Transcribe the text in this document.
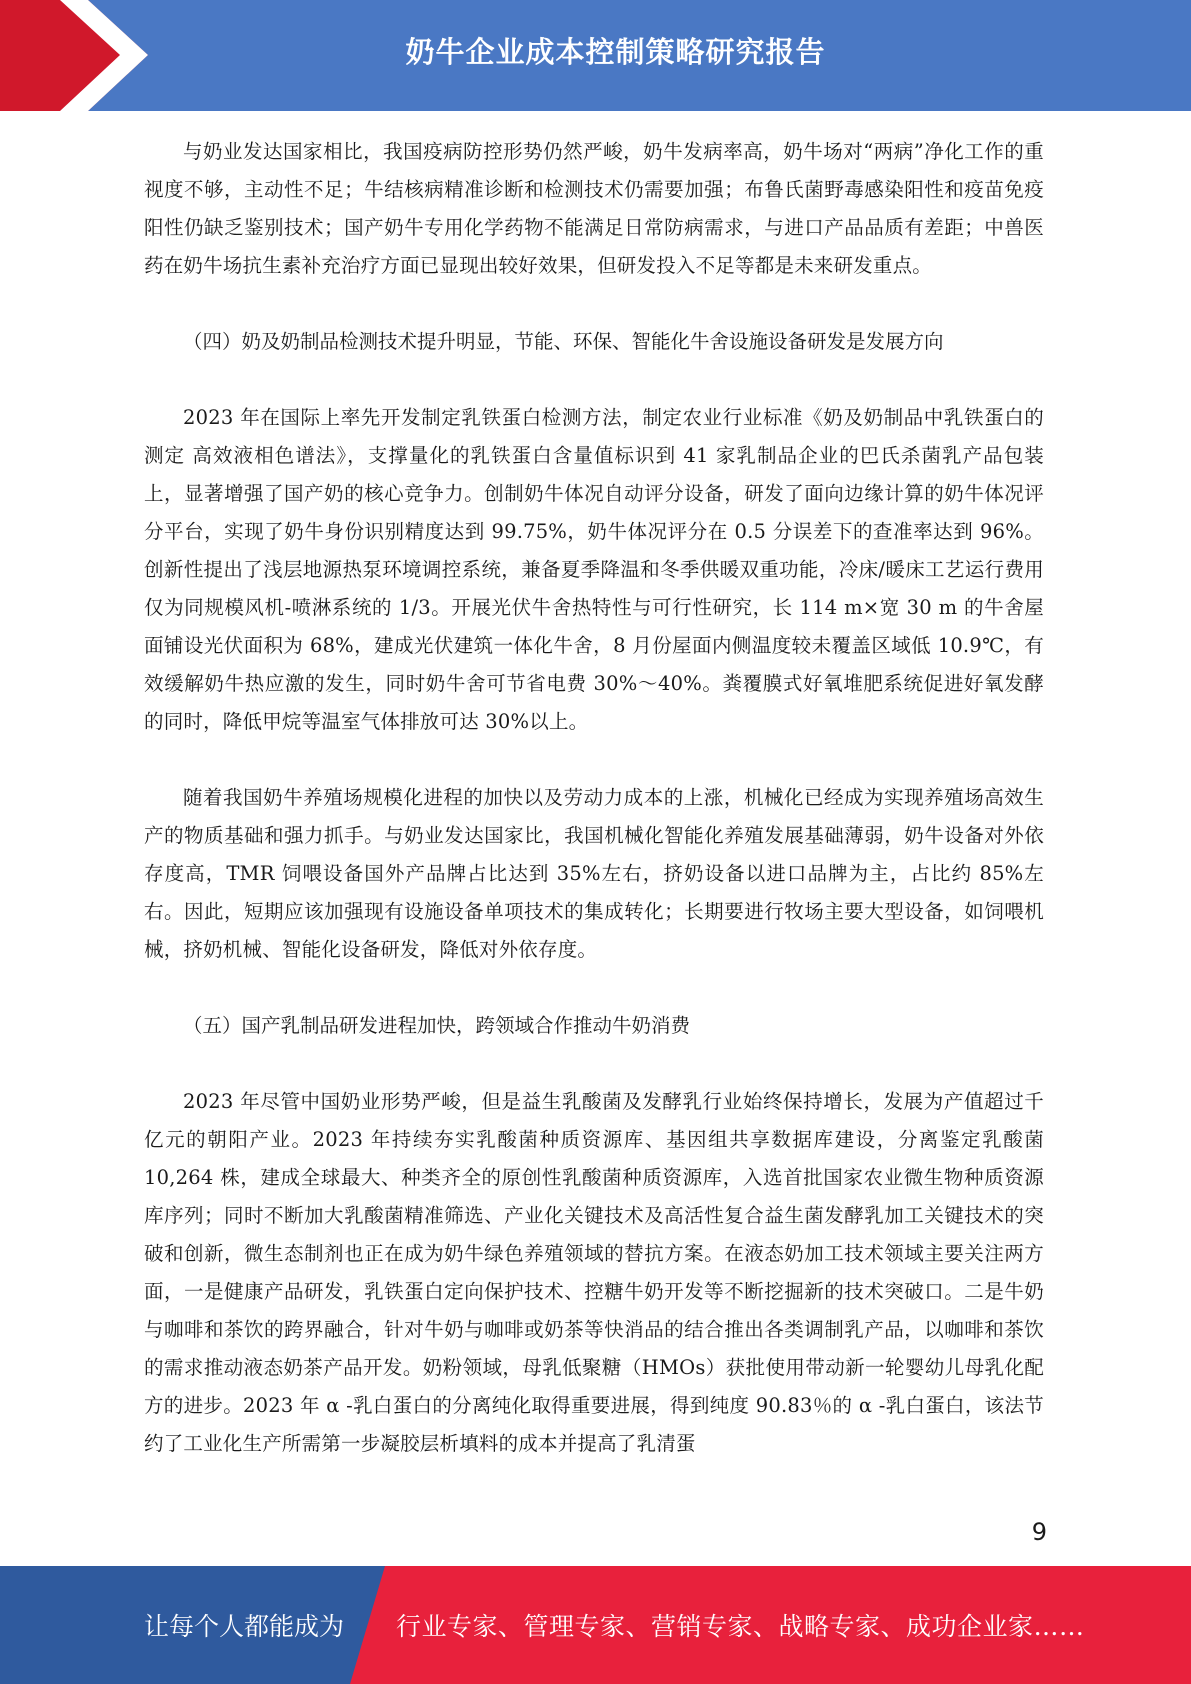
奶牛企业成本控制策略研究报告

与奶业发达国家相比，我国疫病防控形势仍然严峻，奶牛发病率高，奶牛场对“两病”净化工作的重视度不够，主动性不足；牛结核病精准诊断和检测技术仍需要加强；布鲁氏菌野毒感染阳性和疫苗免疫阳性仍缺乏鉴别技术；国产奶牛专用化学药物不能满足日常防病需求，与进口产品品质有差距；中兽医药在奶牛场抗生素补充治疗方面已显现出较好效果，但研发投入不足等都是未来研发重点。

（四）奶及奶制品检测技术提升明显，节能、环保、智能化牛舍设施设备研发是发展方向

2023 年在国际上率先开发制定乳铁蛋白检测方法，制定农业行业标准《奶及奶制品中乳铁蛋白的测定 高效液相色谱法》，支撑量化的乳铁蛋白含量值标识到 41 家乳制品企业的巴氏杀菌乳产品包装上，显著增强了国产奶的核心竞争力。创制奶牛体况自动评分设备，研发了面向边缘计算的奶牛体况评分平台，实现了奶牛身份识别精度达到 99.75%，奶牛体况评分在 0.5 分误差下的查准率达到 96%。创新性提出了浅层地源热泵环境调控系统，兼备夏季降温和冬季供暖双重功能，冷床/暖床工艺运行费用仅为同规模风机-喷淋系统的 1/3。开展光伏牛舍热特性与可行性研究，长 114 m×宽 30 m 的牛舍屋面铺设光伏面积为 68%，建成光伏建筑一体化牛舍，8 月份屋面内侧温度较未覆盖区域低 10.9℃，有效缓解奶牛热应激的发生，同时奶牛舍可节省电费 30%～40%。粪覆膜式好氧堆肥系统促进好氧发酵的同时，降低甲烷等温室气体排放可达 30%以上。

随着我国奶牛养殖场规模化进程的加快以及劳动力成本的上涨，机械化已经成为实现养殖场高效生产的物质基础和强力抓手。与奶业发达国家比，我国机械化智能化养殖发展基础薄弱，奶牛设备对外依存度高，TMR 饲喂设备国外产品牌占比达到 35%左右，挤奶设备以进口品牌为主，占比约 85%左右。因此，短期应该加强现有设施设备单项技术的集成转化；长期要进行牧场主要大型设备，如饲喂机械，挤奶机械、智能化设备研发，降低对外依存度。

（五）国产乳制品研发进程加快，跨领域合作推动牛奶消费

2023 年尽管中国奶业形势严峻，但是益生乳酸菌及发酵乳行业始终保持增长，发展为产值超过千亿元的朝阳产业。2023 年持续夯实乳酸菌种质资源库、基因组共享数据库建设，分离鉴定乳酸菌 10,264 株，建成全球最大、种类齐全的原创性乳酸菌种质资源库，入选首批国家农业微生物种质资源库序列；同时不断加大乳酸菌精准筛选、产业化关键技术及高活性复合益生菌发酵乳加工关键技术的突破和创新，微生态制剂也正在成为奶牛绿色养殖领域的替抗方案。在液态奶加工技术领域主要关注两方面，一是健康产品研发，乳铁蛋白定向保护技术、控糖牛奶开发等不断挖掘新的技术突破口。二是牛奶与咖啡和茶饮的跨界融合，针对牛奶与咖啡或奶茶等快消品的结合推出各类调制乳产品，以咖啡和茶饮的需求推动液态奶茶产品开发。奶粉领域，母乳低聚糖（HMOs）获批使用带动新一轮婴幼儿母乳化配方的进步。2023 年 α -乳白蛋白的分离纯化取得重要进展，得到纯度 90.83％的 α -乳白蛋白，该法节约了工业化生产所需第一步凝胶层析填料的成本并提高了乳清蛋

9
让每个人都能成为 行业专家、管理专家、营销专家、战略专家、成功企业家……
